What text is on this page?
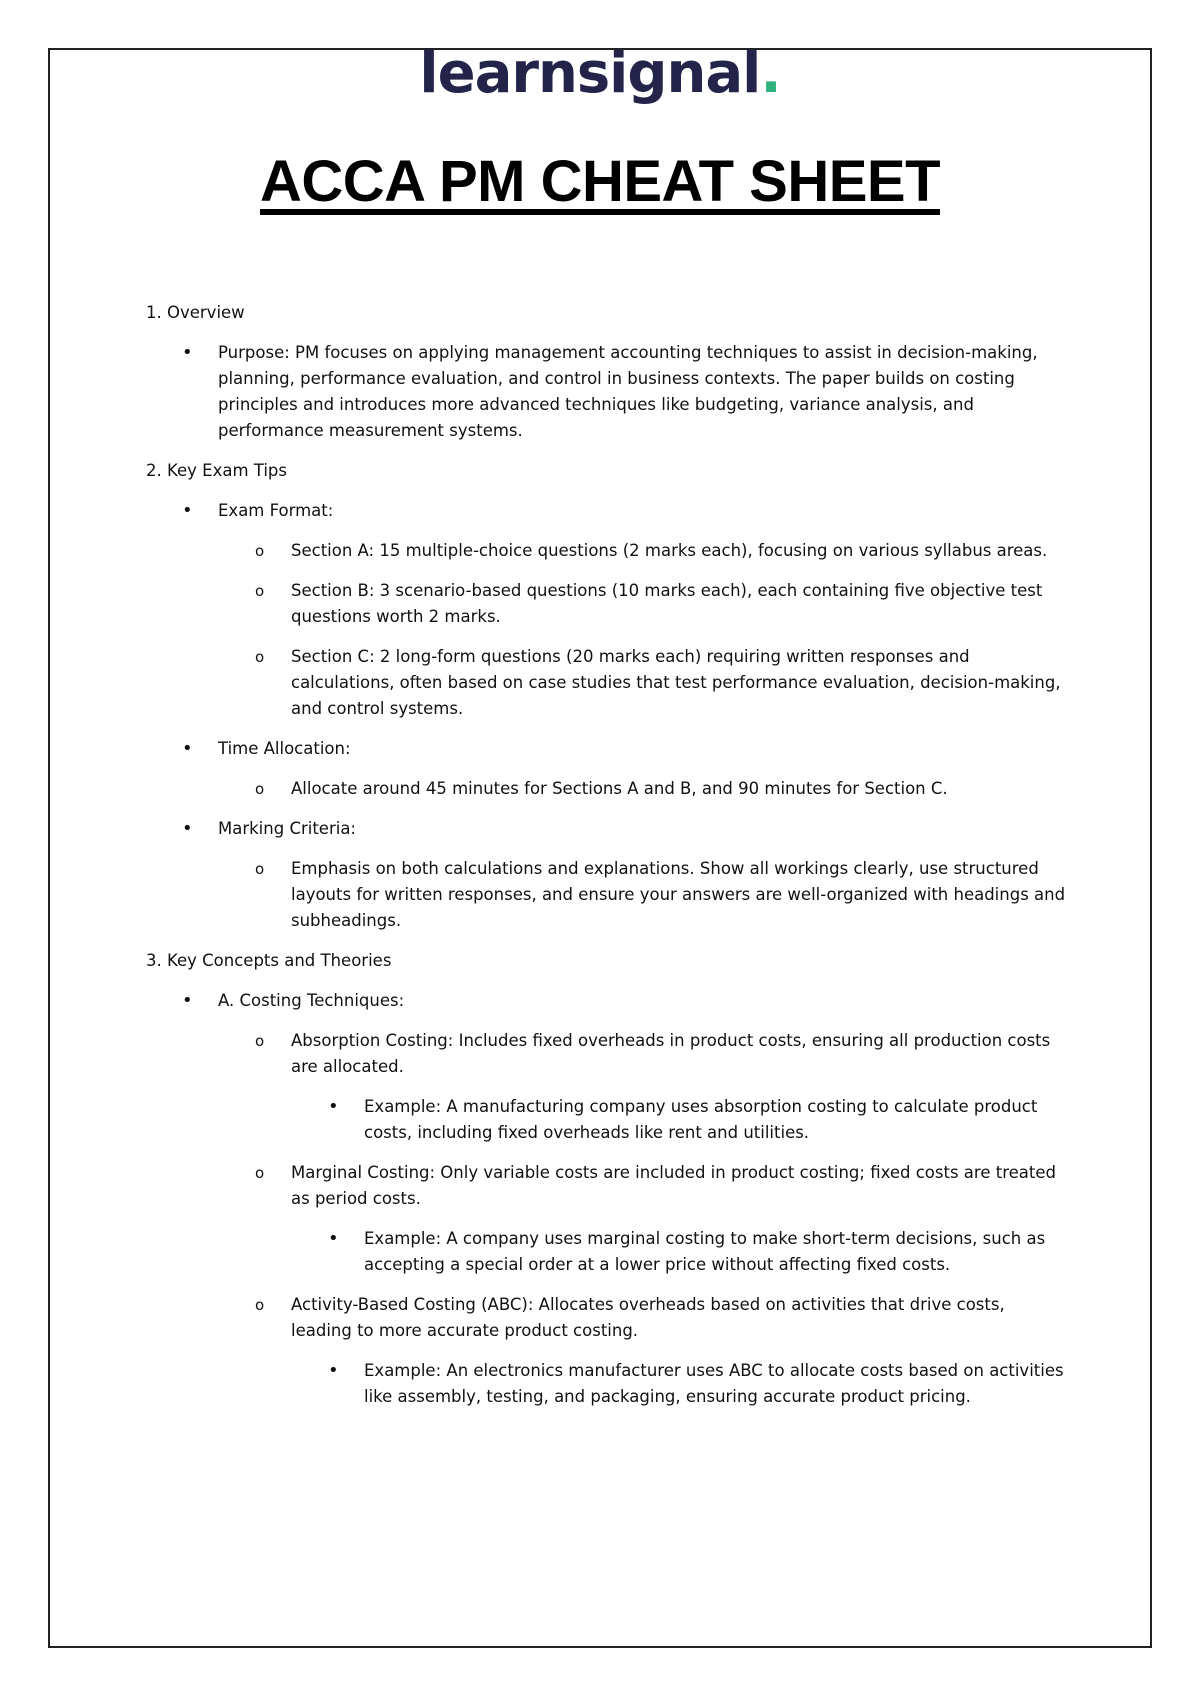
learnsignal.
ACCA PM CHEAT SHEET

1. Overview

• Purpose: PM focuses on applying management accounting techniques to assist in decision-making, planning, performance evaluation, and control in business contexts. The paper builds on costing principles and introduces more advanced techniques like budgeting, variance analysis, and performance measurement systems.

2. Key Exam Tips

• Exam Format:

o Section A: 15 multiple-choice questions (2 marks each), focusing on various syllabus areas.

o Section B: 3 scenario-based questions (10 marks each), each containing five objective test questions worth 2 marks.

o Section C: 2 long-form questions (20 marks each) requiring written responses and calculations, often based on case studies that test performance evaluation, decision-making, and control systems.

• Time Allocation:

o Allocate around 45 minutes for Sections A and B, and 90 minutes for Section C.

• Marking Criteria:

o Emphasis on both calculations and explanations. Show all workings clearly, use structured layouts for written responses, and ensure your answers are well-organized with headings and subheadings.

3. Key Concepts and Theories

• A. Costing Techniques:

o Absorption Costing: Includes fixed overheads in product costs, ensuring all production costs are allocated.

• Example: A manufacturing company uses absorption costing to calculate product costs, including fixed overheads like rent and utilities.

o Marginal Costing: Only variable costs are included in product costing; fixed costs are treated as period costs.

• Example: A company uses marginal costing to make short-term decisions, such as accepting a special order at a lower price without affecting fixed costs.

o Activity-Based Costing (ABC): Allocates overheads based on activities that drive costs, leading to more accurate product costing.

• Example: An electronics manufacturer uses ABC to allocate costs based on activities like assembly, testing, and packaging, ensuring accurate product pricing.
